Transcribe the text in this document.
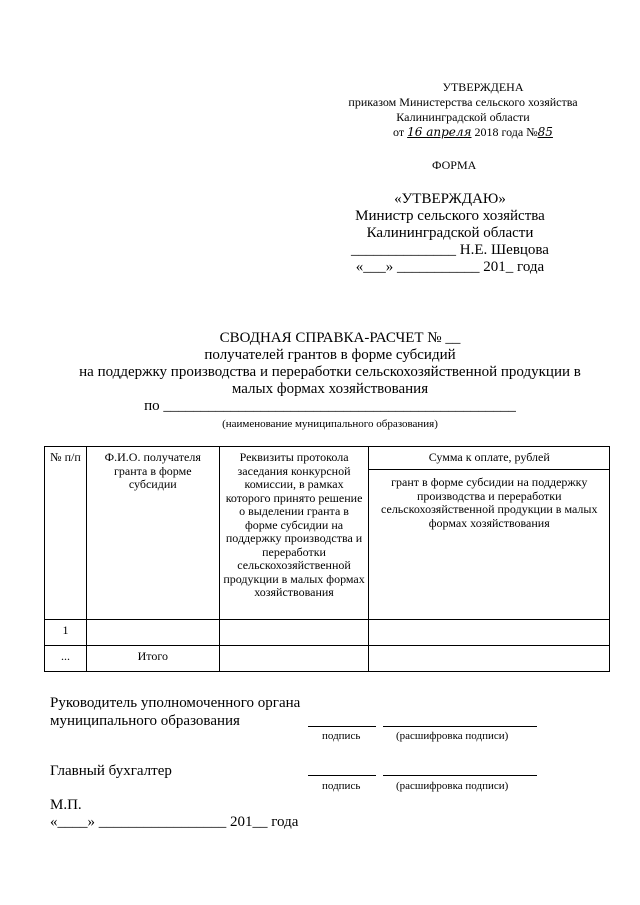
УТВЕРЖДЕНА
приказом Министерства сельского хозяйства
Калининградской области
от 16 апреля 2018 года №85
ФОРМА
«УТВЕРЖДАЮ»
Министр сельского хозяйства
Калининградской области
______________ Н.Е. Шевцова
«___» ___________ 201_ года
СВОДНАЯ СПРАВКА-РАСЧЕТ № __
получателей грантов в форме субсидий
на поддержку производства и переработки сельскохозяйственной продукции в
малых формах хозяйствования
по _______________________________________________
(наименование муниципального образования)
№ п/п	Ф.И.О. получателя гранта в форме субсидии	Реквизиты протокола заседания конкурсной комиссии, в рамках которого принято решение о выделении гранта в форме субсидии на поддержку производства и переработки сельскохозяйственной продукции в малых формах хозяйствования	Сумма к оплате, рублей
			грант в форме субсидии на поддержку производства и переработки сельскохозяйственной продукции в малых формах хозяйствования
1			
...	Итого		
Руководитель уполномоченного органа
муниципального образования
подпись	(расшифровка подписи)
Главный бухгалтер
подпись	(расшифровка подписи)
М.П.
«____» _________________ 201__ года
